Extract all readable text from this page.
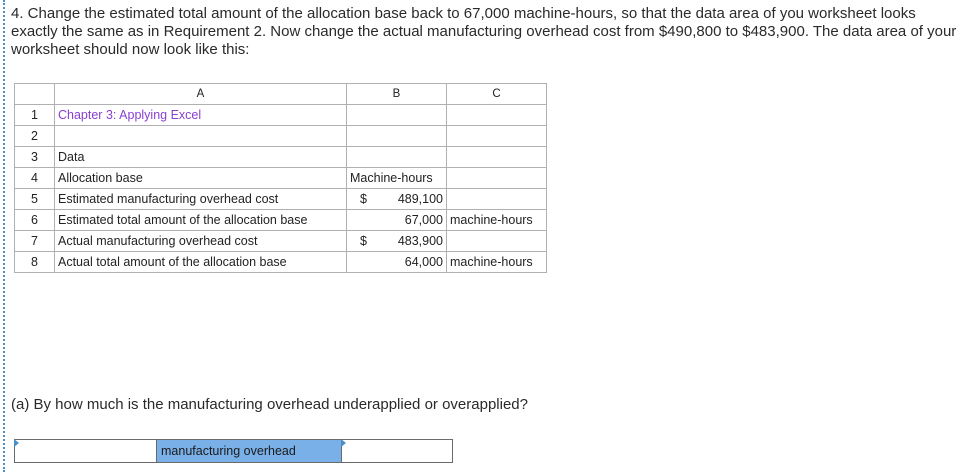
4. Change the estimated total amount of the allocation base back to 67,000 machine-hours, so that the data area of you worksheet looks exactly the same as in Requirement 2. Now change the actual manufacturing overhead cost from $490,800 to $483,900. The data area of your worksheet should now look like this:
	A	B	C
1	Chapter 3: Applying Excel		
2			
3	Data		
4	Allocation base	Machine-hours	
5	Estimated manufacturing overhead cost	$ 489,100	

6	Estimated total amount of the allocation base	67,000	machine-hours
7	Actual manufacturing overhead cost	$ 483,900	

8	Actual total amount of the allocation base	64,000	machine-hours
(a) By how much is the manufacturing overhead underapplied or overapplied?
manufacturing overhead
